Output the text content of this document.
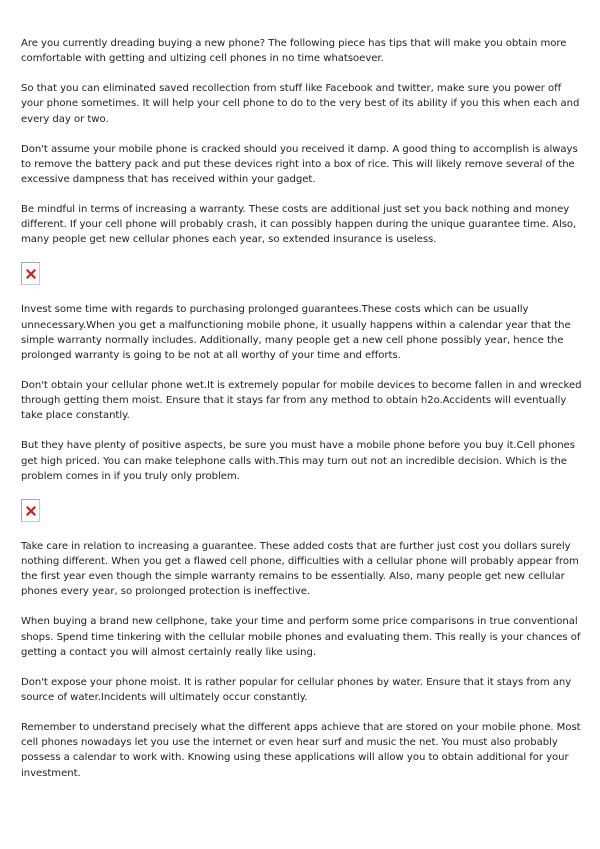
Are you currently dreading buying a new phone? The following piece has tips that will make you obtain more comfortable with getting and ultizing cell phones in no time whatsoever.

So that you can eliminated saved recollection from stuff like Facebook and twitter, make sure you power off your phone sometimes. It will help your cell phone to do to the very best of its ability if you this when each and every day or two.

Don't assume your mobile phone is cracked should you received it damp. A good thing to accomplish is always to remove the battery pack and put these devices right into a box of rice. This will likely remove several of the excessive dampness that has received within your gadget.

Be mindful in terms of increasing a warranty. These costs are additional just set you back nothing and money different. If your cell phone will probably crash, it can possibly happen during the unique guarantee time. Also, many people get new cellular phones each year, so extended insurance is useless.

Invest some time with regards to purchasing prolonged guarantees.These costs which can be usually unnecessary.When you get a malfunctioning mobile phone, it usually happens within a calendar year that the simple warranty normally includes. Additionally, many people get a new cell phone possibly year, hence the prolonged warranty is going to be not at all worthy of your time and efforts.

Don't obtain your cellular phone wet.It is extremely popular for mobile devices to become fallen in and wrecked through getting them moist. Ensure that it stays far from any method to obtain h2o.Accidents will eventually take place constantly.

But they have plenty of positive aspects, be sure you must have a mobile phone before you buy it.Cell phones get high priced. You can make telephone calls with.This may turn out not an incredible decision. Which is the problem comes in if you truly only problem.

Take care in relation to increasing a guarantee. These added costs that are further just cost you dollars surely nothing different. When you get a flawed cell phone, difficulties with a cellular phone will probably appear from the first year even though the simple warranty remains to be essentially. Also, many people get new cellular phones every year, so prolonged protection is ineffective.

When buying a brand new cellphone, take your time and perform some price comparisons in true conventional shops. Spend time tinkering with the cellular mobile phones and evaluating them. This really is your chances of getting a contact you will almost certainly really like using.

Don't expose your phone moist. It is rather popular for cellular phones by water. Ensure that it stays from any source of water.Incidents will ultimately occur constantly.

Remember to understand precisely what the different apps achieve that are stored on your mobile phone. Most cell phones nowadays let you use the internet or even hear surf and music the net. You must also probably possess a calendar to work with. Knowing using these applications will allow you to obtain additional for your investment.
